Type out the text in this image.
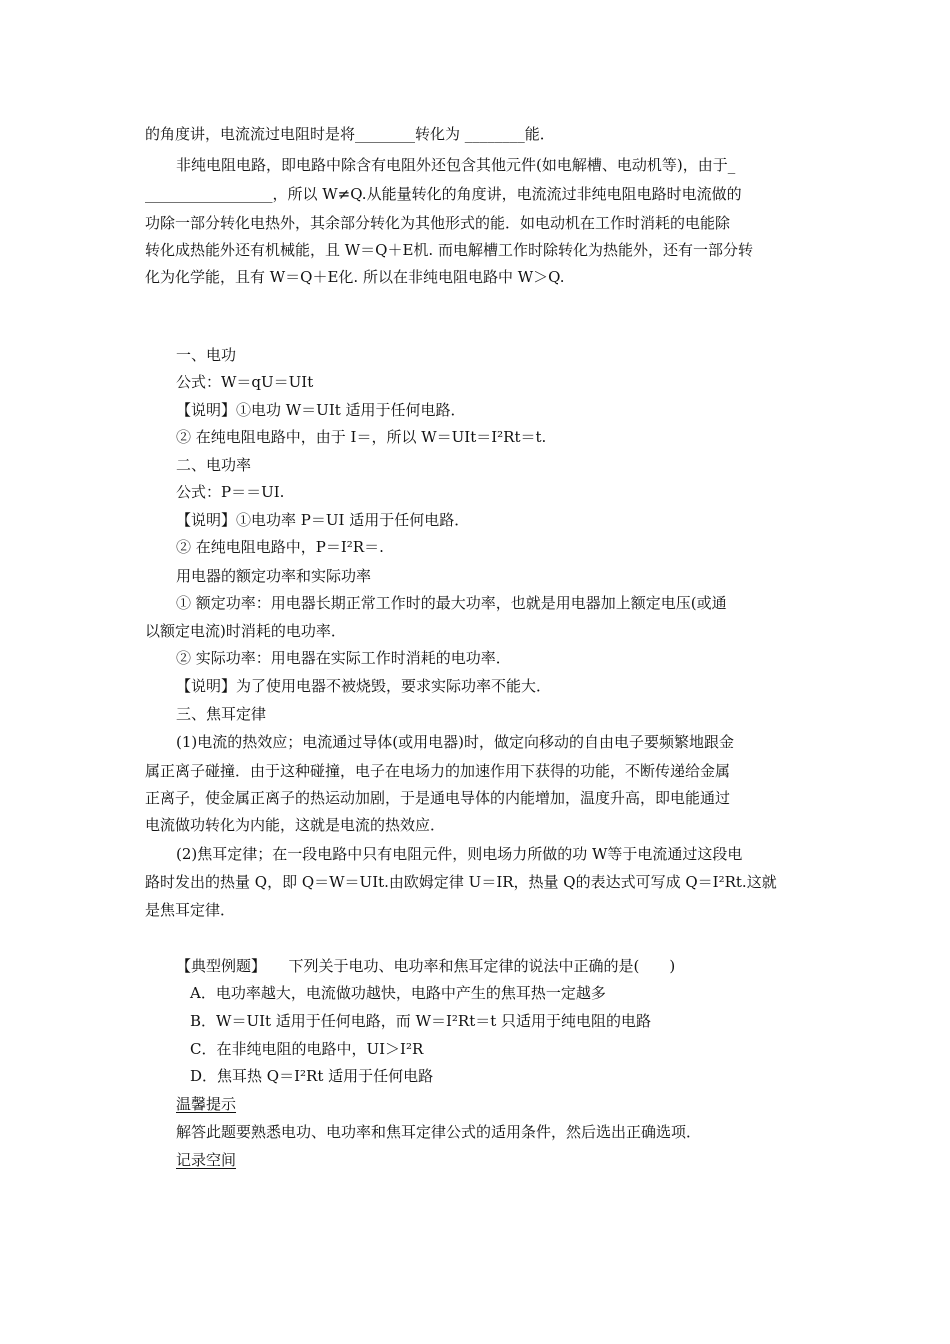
的角度讲，电流流过电阻时是将________转化为 ________能．
非纯电阻电路，即电路中除含有电阻外还包含其他元件(如电解槽、电动机等)，由于_
_________________，所以 W≠Q.从能量转化的角度讲，电流流过非纯电阻电路时电流做的
功除一部分转化电热外，其余部分转化为其他形式的能．如电动机在工作时消耗的电能除
转化成热能外还有机械能，且 W＝Q＋E机. 而电解槽工作时除转化为热能外，还有一部分转
化为化学能，且有 W＝Q＋E化. 所以在非纯电阻电路中 W＞Q.
一、电功
公式：W＝qU＝UIt
【说明】①电功 W＝UIt 适用于任何电路．
② 在纯电阻电路中，由于 I＝，所以 W＝UIt＝I²Rt＝t.
二、电功率
公式：P＝＝UI.
【说明】①电功率 P＝UI 适用于任何电路．
② 在纯电阻电路中，P＝I²R＝.
用电器的额定功率和实际功率
① 额定功率：用电器长期正常工作时的最大功率，也就是用电器加上额定电压(或通
以额定电流)时消耗的电功率．
② 实际功率：用电器在实际工作时消耗的电功率．
【说明】为了使用电器不被烧毁，要求实际功率不能大．
三、焦耳定律
(1)电流的热效应；电流通过导体(或用电器)时，做定向移动的自由电子要频繁地跟金
属正离子碰撞．由于这种碰撞，电子在电场力的加速作用下获得的功能，不断传递给金属
正离子，使金属正离子的热运动加剧，于是通电导体的内能增加，温度升高，即电能通过
电流做功转化为内能，这就是电流的热效应．
(2)焦耳定律；在一段电路中只有电阻元件，则电场力所做的功 W等于电流通过这段电
路时发出的热量 Q，即 Q＝W＝UIt.由欧姆定律 U＝IR，热量 Q的表达式可写成 Q＝I²Rt.这就
是焦耳定律．
【典型例题】　　下列关于电功、电功率和焦耳定律的说法中正确的是(　　)
A．电功率越大，电流做功越快，电路中产生的焦耳热一定越多
B．W＝UIt 适用于任何电路，而 W＝I²Rt＝t 只适用于纯电阻的电路
C．在非纯电阻的电路中，UI＞I²R
D．焦耳热 Q＝I²Rt 适用于任何电路
温馨提示
解答此题要熟悉电功、电功率和焦耳定律公式的适用条件，然后选出正确选项．
记录空间
